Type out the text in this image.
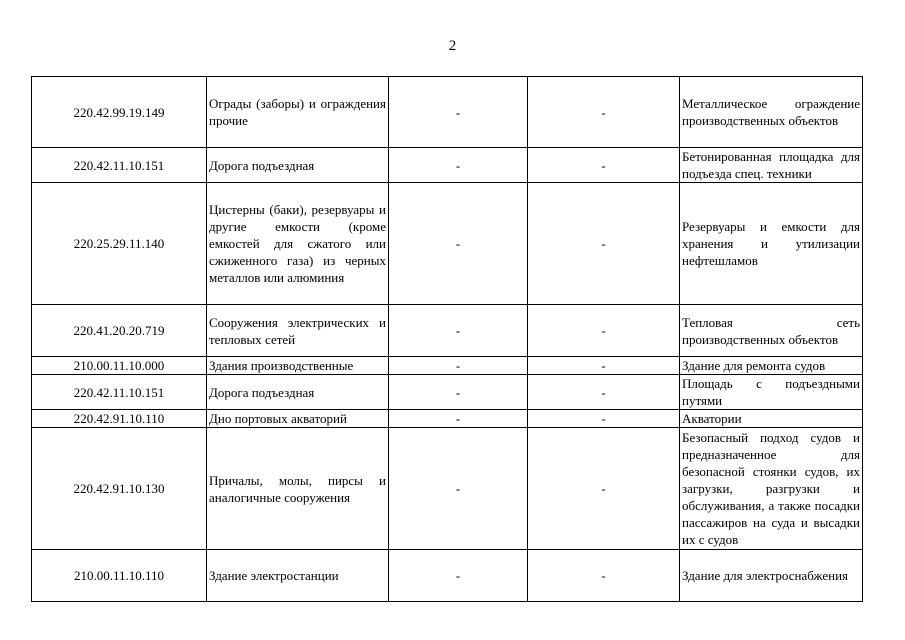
2
220.42.99.19.149	Ограды (заборы) и ограждения прочие	-	-	Металлическое ограждение производственных объектов
220.42.11.10.151	Дорога подъездная	-	-	Бетонированная площадка для подъезда спец. техники
220.25.29.11.140	Цистерны (баки), резервуары и другие емкости (кроме емкостей для сжатого или сжиженного газа) из черных металлов или алюминия	-	-	Резервуары и емкости для хранения и утилизации нефтешламов
220.41.20.20.719	Сооружения электрических и тепловых сетей	-	-	Тепловая сеть производственных объектов
210.00.11.10.000	Здания производственные	-	-	Здание для ремонта судов
220.42.11.10.151	Дорога подъездная	-	-	Площадь с подъездными путями
220.42.91.10.110	Дно портовых акваторий	-	-	Акватории
220.42.91.10.130	Причалы, молы, пирсы и аналогичные сооружения	-	-	Безопасный подход судов и предназначенное для безопасной стоянки судов, их загрузки, разгрузки и обслуживания, а также посадки пассажиров на суда и высадки их с судов
210.00.11.10.110	Здание электростанции	-	-	Здание для электроснабжения
